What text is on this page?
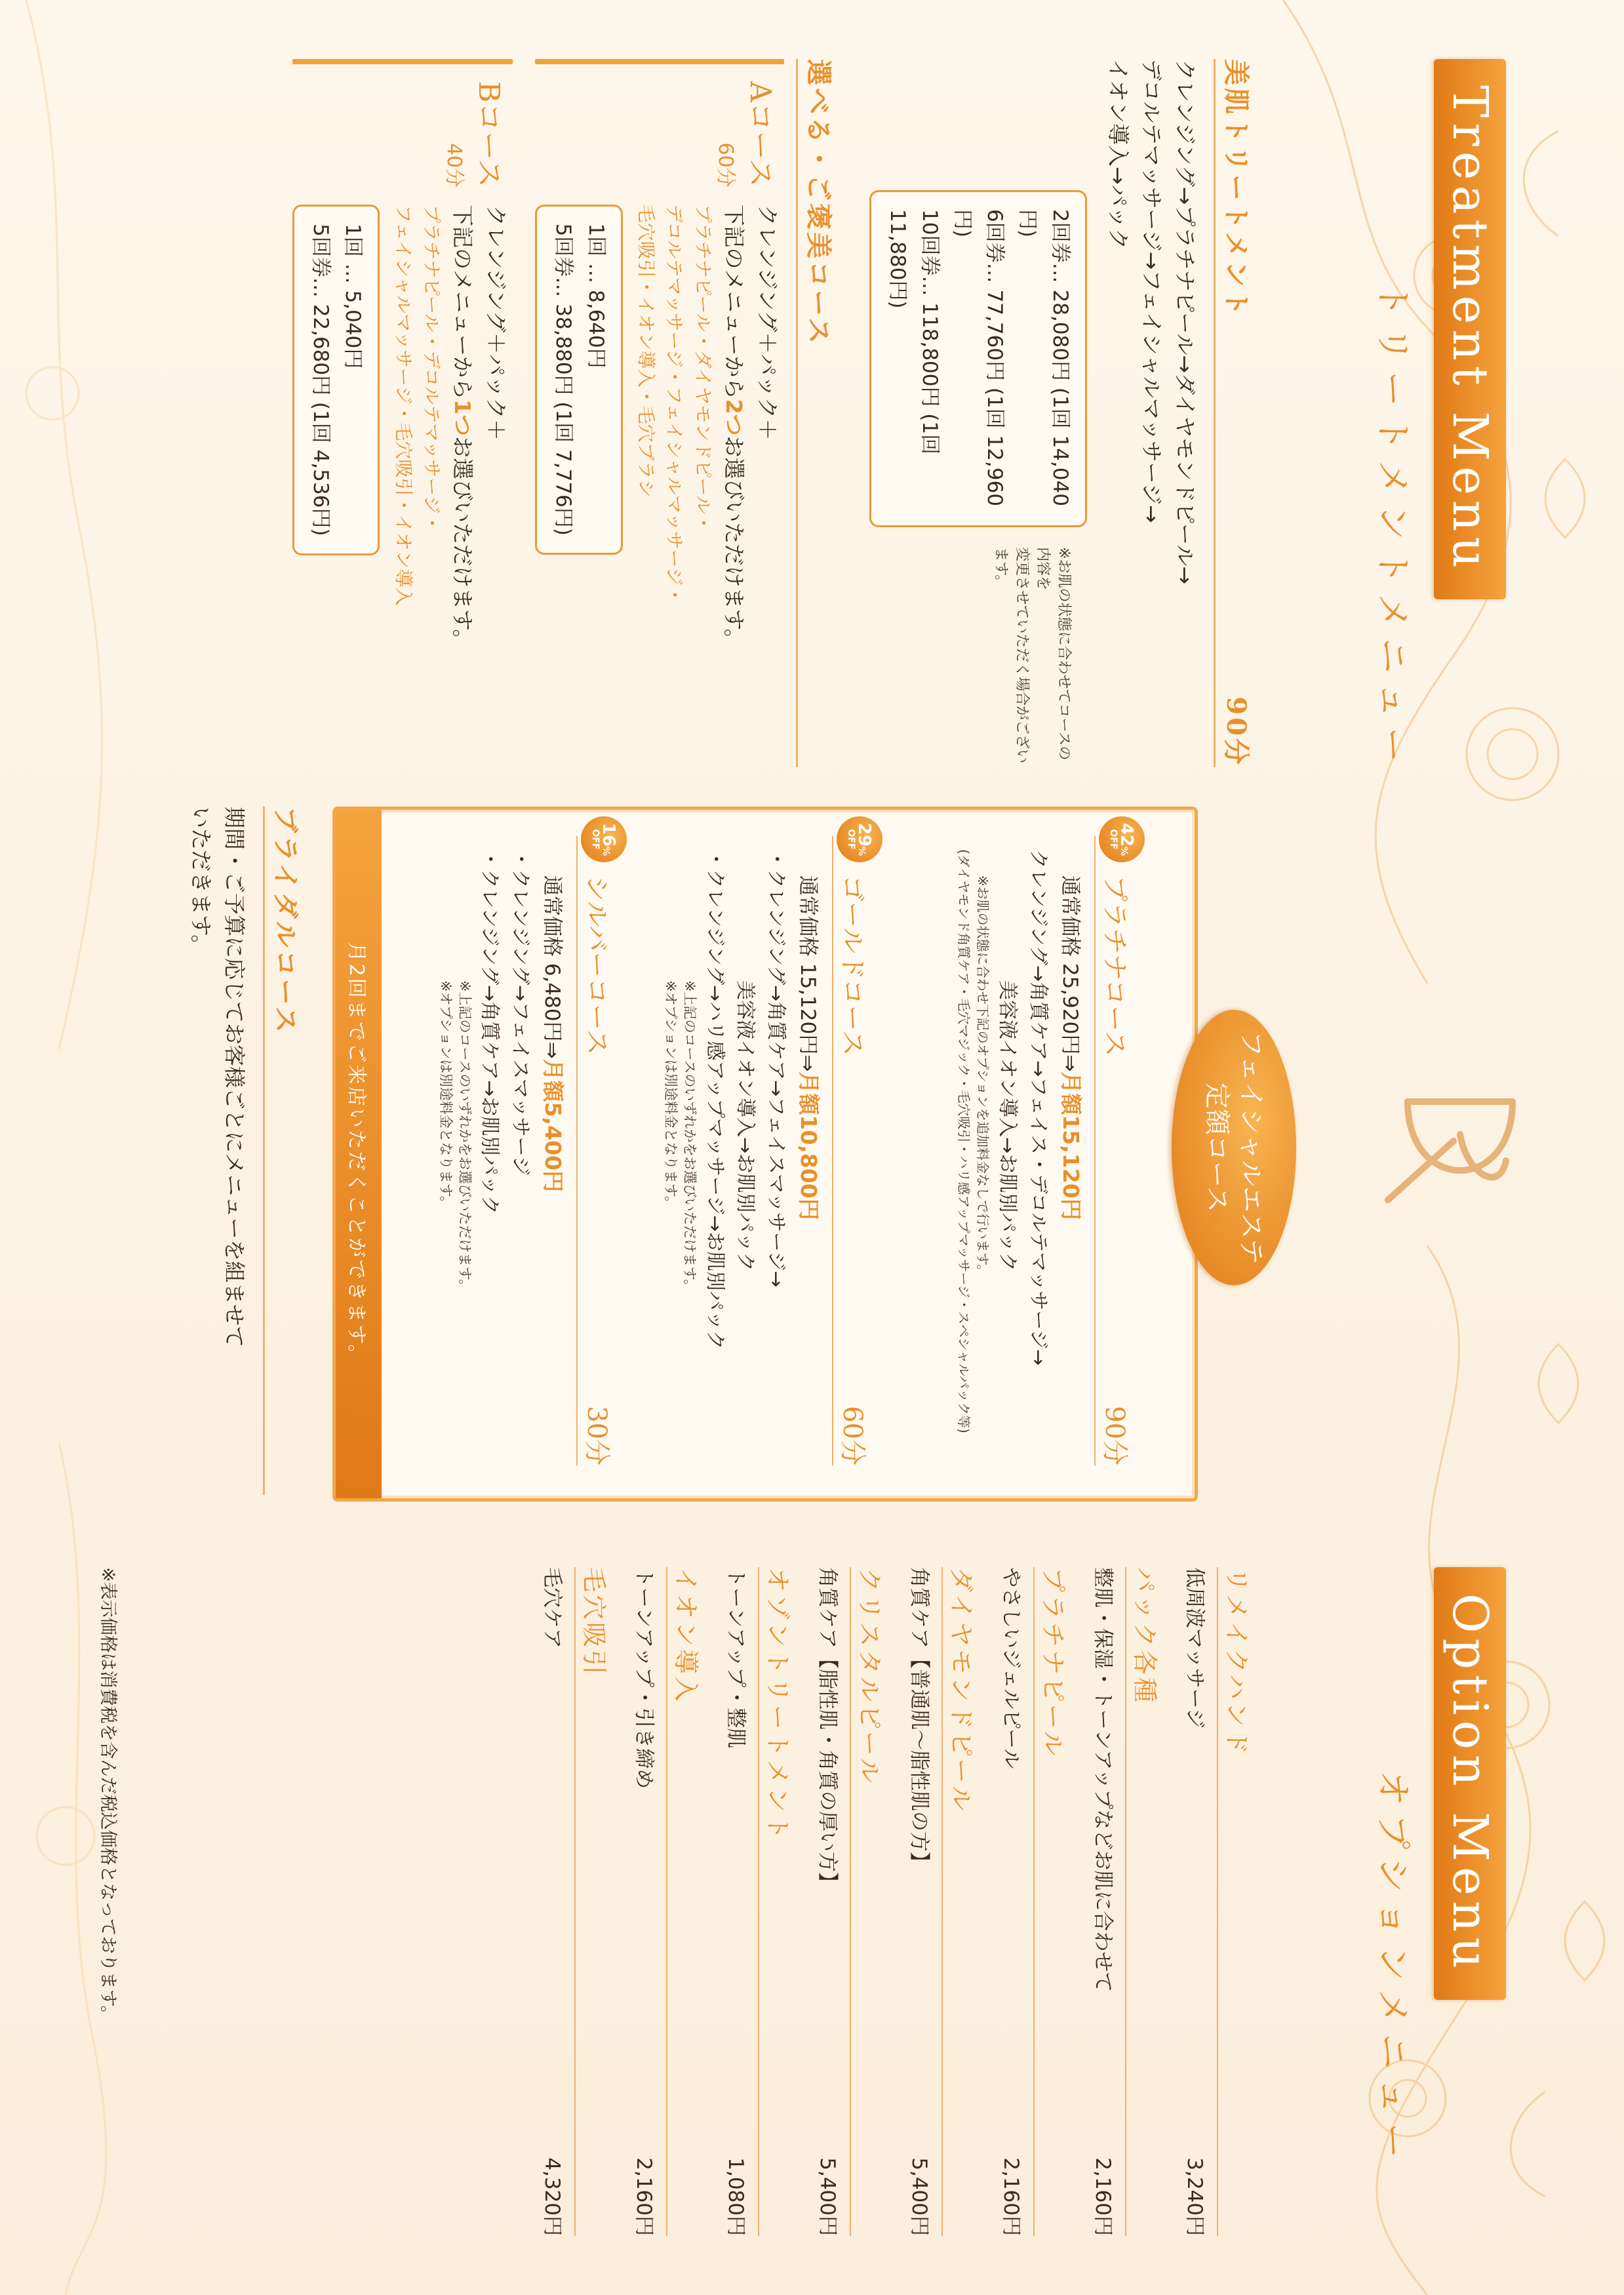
Treatment Menu
トリートメントメニュー
美肌トリートメント
90分
クレンジング→プラチナピール→ダイヤモンドピール→
デコルテマッサージ→フェイシャルマッサージ→
イオン導入→パック
2回券… 28,080円 (1回 14,040円)
6回券… 77,760円 (1回 12,960円)
10回券… 118,800円 (1回 11,880円)
※お肌の状態に合わせてコースの内容を
変更させていただく場合がございます。
選べる・ご褒美コース
Aコース
60分
クレンジング＋パック＋
下記のメニューから2つお選びいただけます。
プラチナピール・ダイヤモンドピール・
デコルテマッサージ・フェイシャルマッサージ・
毛穴吸引・イオン導入・毛穴ブラシ
1回 … 8,640円
5回券… 38,880円 (1回 7,776円)
Bコース
40分
クレンジング＋パック＋
下記のメニューから1つお選びいただけます。
プラチナピール・デコルテマッサージ・
フェイシャルマッサージ・毛穴吸引・イオン導入
1回 … 5,040円
5回券… 22,680円 (1回 4,536円)
42%
OFF
プラチナコース
90分
通常価格 25,920円⇒月額15,120円
クレンジング→角質ケア→フェイス・デコルテマッサージ→
美容液イオン導入→お肌別パック
※お肌の状態に合わせ下記のオプションを追加料金なしで行います。
(ダイヤモンド角質ケア・毛穴マジック・毛穴吸引・ハリ感アップマッサージ・スペシャルパック等)
29%
OFF
ゴールドコース
60分
通常価格 15,120円⇒月額10,800円
・クレンジング→角質ケア→フェイスマッサージ→
美容液イオン導入→お肌別パック
・クレンジング→ハリ感アップマッサージ→お肌別パック
※上記のコースのいずれかをお選びいただけます。
※オプションは別途料金となります。
16%
OFF
シルバーコース
30分
通常価格 6,480円⇒月額5,400円
・クレンジング→フェイスマッサージ
・クレンジング→角質ケア→お肌別パック
※上記のコースのいずれかをお選びいただけます。
※オプションは別途料金となります。
月2回までご来店いただくことができます。	フェイシャルエステ
定額コース
ブライダルコース
期間・ご予算に応じてお客様ごとにメニューを組ませて
いただきます。
Option Menu
オプションメニュー
リメイクハンド
低周波マッサージ
3,240円
パック各種
整肌・保湿・トーンアップなどお肌に合わせて
2,160円
プラチナピール
やさしいジェルピール
2,160円
ダイヤモンドピール
角質ケア【普通肌〜脂性肌の方】
5,400円
クリスタルピール
角質ケア【脂性肌・角質の厚い方】
5,400円
オゾントリートメント
トーンアップ・整肌
1,080円
イオン導入
トーンアップ・引き締め
2,160円
毛穴吸引
毛穴ケア
4,320円
※表示価格は消費税を含んだ税込価格となっております。
